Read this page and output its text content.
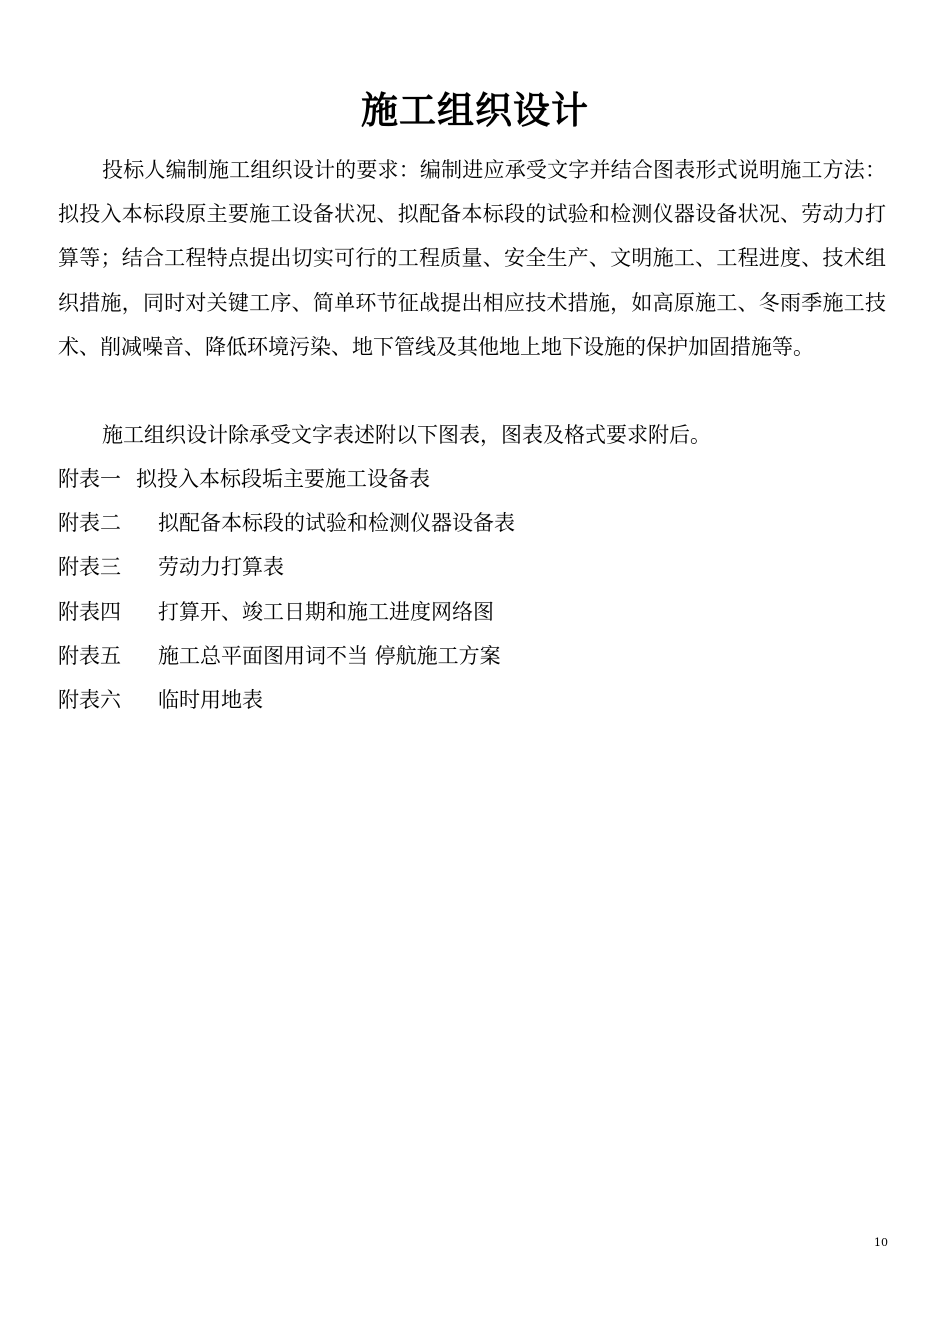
施工组织设计
投标人编制施工组织设计的要求：编制进应承受文字并结合图表形式说明施工方法：拟投入本标段原主要施工设备状况、拟配备本标段的试验和检测仪器设备状况、劳动力打算等；结合工程特点提出切实可行的工程质量、安全生产、文明施工、工程进度、技术组织措施，同时对关键工序、简单环节征战提出相应技术措施，如高原施工、冬雨季施工技术、削减噪音、降低环境污染、地下管线及其他地上地下设施的保护加固措施等。
施工组织设计除承受文字表述附以下图表，图表及格式要求附后。
附表一 拟投入本标段垢主要施工设备表
附表二	拟配备本标段的试验和检测仪器设备表
附表三	劳动力打算表
附表四	打算开、竣工日期和施工进度网络图
附表五	施工总平面图用词不当 停航施工方案
附表六	临时用地表
10
